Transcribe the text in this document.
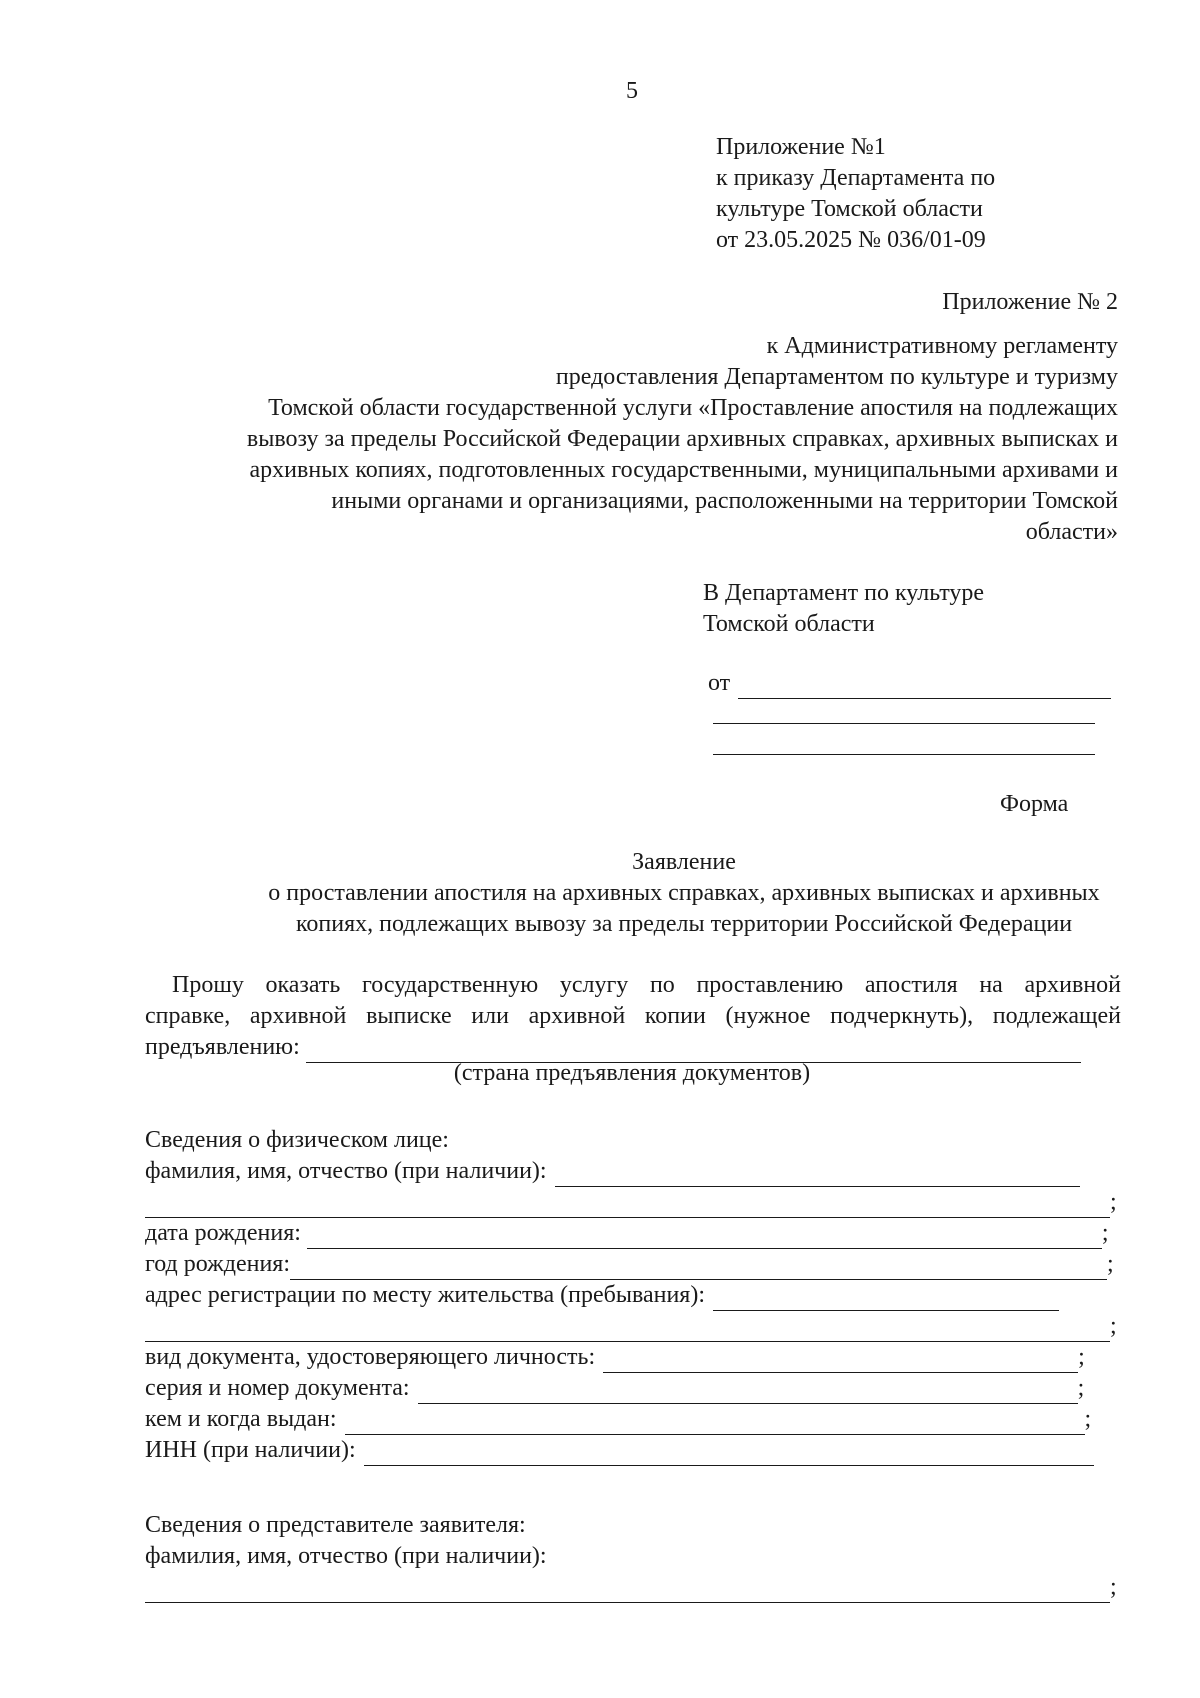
5
Приложение №1
к приказу Департамента по
культуре Томской области
от 23.05.2025 № 036/01-09
Приложение № 2
к Административному регламенту
предоставления Департаментом по культуре и туризму
Томской области государственной услуги «Проставление апостиля на подлежащих
вывозу за пределы Российской Федерации архивных справках, архивных выписках и
архивных копиях, подготовленных государственными, муниципальными архивами и
иными органами и организациями, расположенными на территории Томской
области»
В Департамент по культуре
Томской области
от
Форма
Заявление
о проставлении апостиля на архивных справках, архивных выписках и архивных
копиях, подлежащих вывозу за пределы территории Российской Федерации

Прошу оказать государственную услугу по проставлению апостиля на архивной

справке, архивной выписке или архивной копии (нужное подчеркнуть), подлежащей

предъявлению:
(страна предъявления документов)
Сведения о физическом лице:
фамилия, имя, отчество (при наличии):
;
дата рождения:	;
год рождения:	;
адрес регистрации по месту жительства (пребывания):
;
вид документа, удостоверяющего личность:	;
серия и номер документа:	;
кем и когда выдан:	;
ИНН (при наличии):
Сведения о представителе заявителя:
фамилия, имя, отчество (при наличии):
;
